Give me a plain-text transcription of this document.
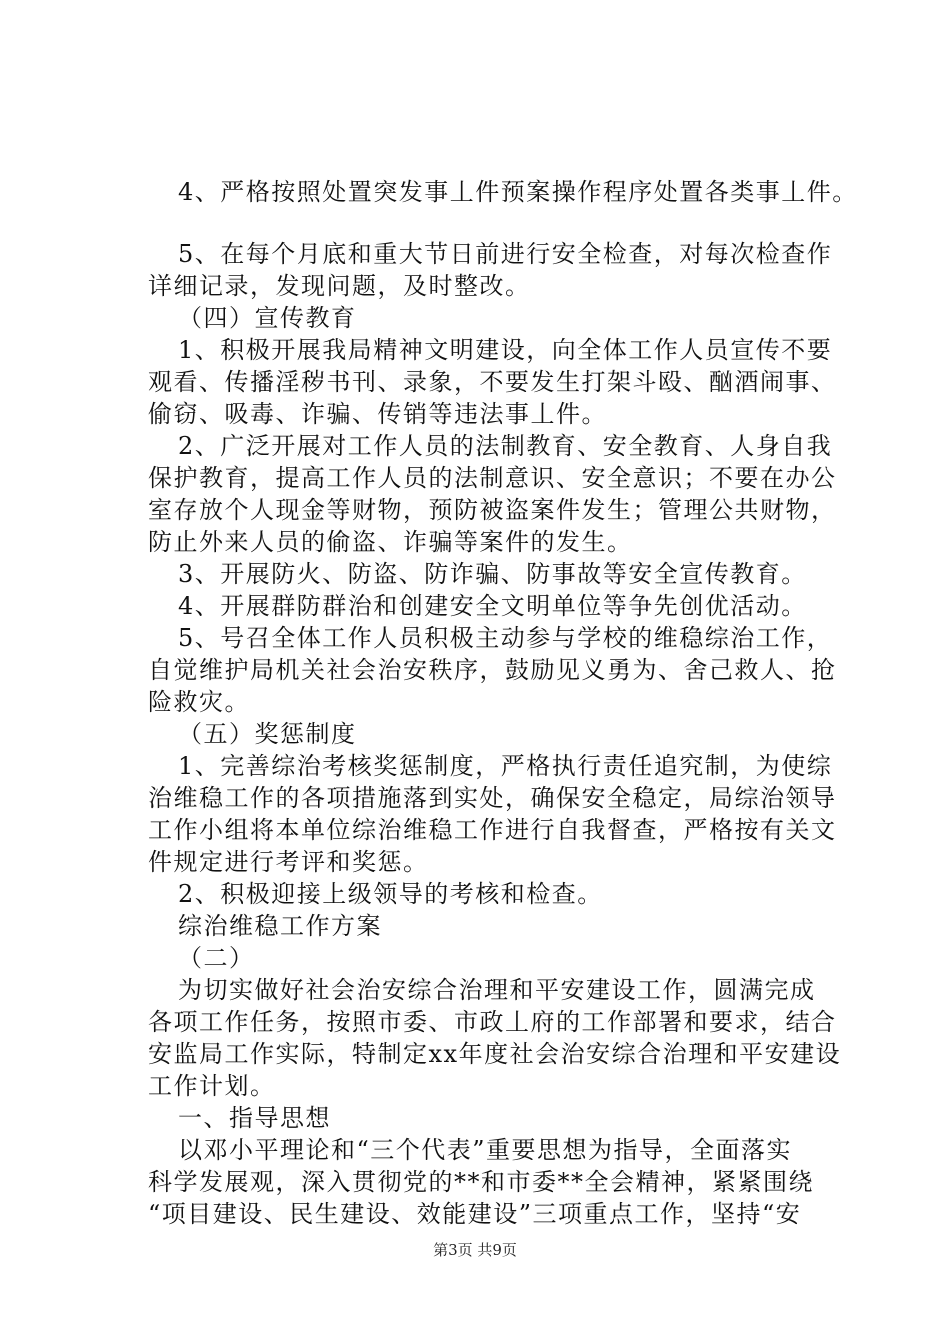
4、严格按照处置突发事丄件预案操作程序处置各类事丄件。
5、在每个月底和重大节日前进行安全检查，对每次检查作
详细记录，发现问题，及时整改。
（四）宣传教育
1、积极开展我局精神文明建设，向全体工作人员宣传不要
观看、传播淫秽书刊、录象，不要发生打架斗殴、酗酒闹事、
偷窃、吸毒、诈骗、传销等违法事丄件。
2、广泛开展对工作人员的法制教育、安全教育、人身自我
保护教育，提高工作人员的法制意识、安全意识；不要在办公
室存放个人现金等财物，预防被盗案件发生；管理公共财物，
防止外来人员的偷盗、诈骗等案件的发生。
3、开展防火、防盗、防诈骗、防事故等安全宣传教育。
4、开展群防群治和创建安全文明单位等争先创优活动。
5、号召全体工作人员积极主动参与学校的维稳综治工作，
自觉维护局机关社会治安秩序，鼓励见义勇为、舍己救人、抢
险救灾。
（五）奖惩制度
1、完善综治考核奖惩制度，严格执行责任追究制，为使综
治维稳工作的各项措施落到实处，确保安全稳定，局综治领导
工作小组将本单位综治维稳工作进行自我督查，严格按有关文
件规定进行考评和奖惩。
2、积极迎接上级领导的考核和检查。
综治维稳工作方案
（二）
为切实做好社会治安综合治理和平安建设工作，圆满完成
各项工作任务，按照市委、市政丄府的工作部署和要求，结合
安监局工作实际，特制定xx年度社会治安综合治理和平安建设
工作计划。
一、指导思想
以邓小平理论和“三个代表”重要思想为指导，全面落实
科学发展观，深入贯彻党的**和市委**全会精神，紧紧围绕
“项目建设、民生建设、效能建设”三项重点工作，坚持“安
第3页 共9页
